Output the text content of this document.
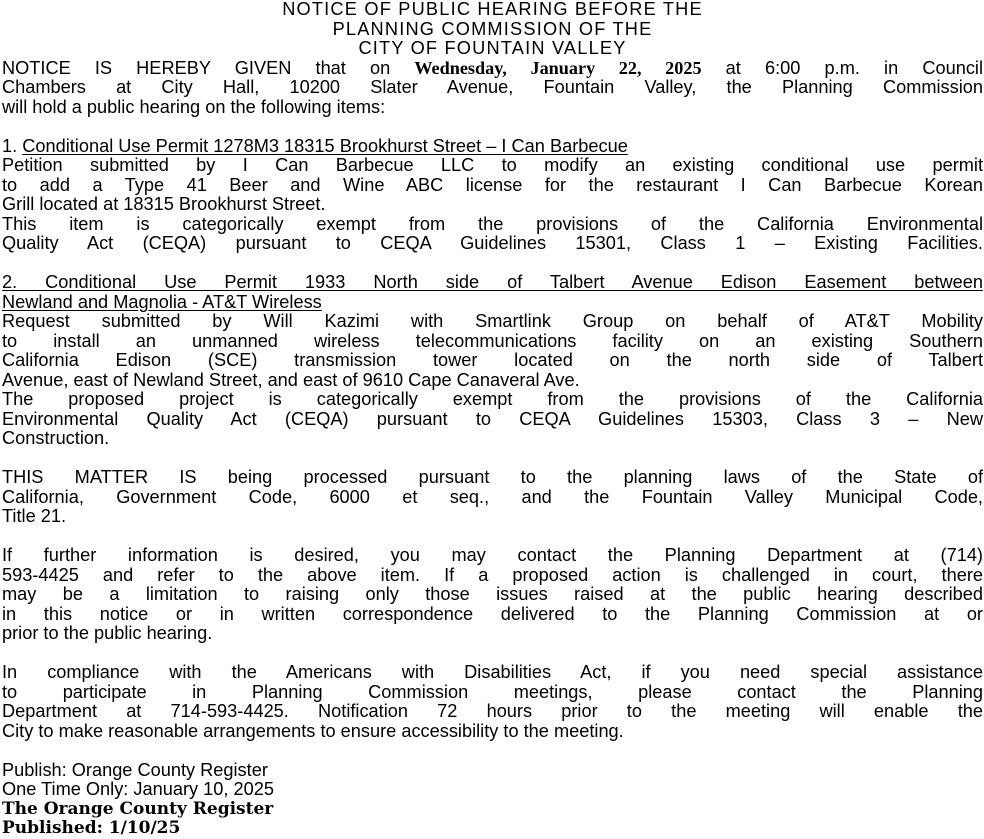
NOTICE OF PUBLIC HEARING BEFORE THE
PLANNING COMMISSION OF THE
CITY OF FOUNTAIN VALLEY
NOTICE IS HEREBY GIVEN that on Wednesday, January 22, 2025 at 6:00 p.m. in Council
Chambers at City Hall, 10200 Slater Avenue, Fountain Valley, the Planning Commission
will hold a public hearing on the following items:
1. Conditional Use Permit 1278M3 18315 Brookhurst Street – I Can Barbecue
Petition submitted by I Can Barbecue LLC to modify an existing conditional use permit
to add a Type 41 Beer and Wine ABC license for the restaurant I Can Barbecue Korean
Grill located at 18315 Brookhurst Street.
This item is categorically exempt from the provisions of the California Environmental
Quality Act (CEQA) pursuant to CEQA Guidelines 15301, Class 1 – Existing Facilities.
2. Conditional Use Permit 1933 North side of Talbert Avenue Edison Easement between
Newland and Magnolia - AT&T Wireless
Request submitted by Will Kazimi with Smartlink Group on behalf of AT&T Mobility
to install an unmanned wireless telecommunications facility on an existing Southern
California Edison (SCE) transmission tower located on the north side of Talbert
Avenue, east of Newland Street, and east of 9610 Cape Canaveral Ave.
The proposed project is categorically exempt from the provisions of the California
Environmental Quality Act (CEQA) pursuant to CEQA Guidelines 15303, Class 3 – New
Construction.
THIS MATTER IS being processed pursuant to the planning laws of the State of
California, Government Code, 6000 et seq., and the Fountain Valley Municipal Code,
Title 21.
If further information is desired, you may contact the Planning Department at (714)
593-4425 and refer to the above item. If a proposed action is challenged in court, there
may be a limitation to raising only those issues raised at the public hearing described
in this notice or in written correspondence delivered to the Planning Commission at or
prior to the public hearing.
In compliance with the Americans with Disabilities Act, if you need special assistance
to participate in Planning Commission meetings, please contact the Planning
Department at 714-593-4425. Notification 72 hours prior to the meeting will enable the
City to make reasonable arrangements to ensure accessibility to the meeting.
Publish: Orange County Register
One Time Only: January 10, 2025
The Orange County Register
Published: 1/10/25
